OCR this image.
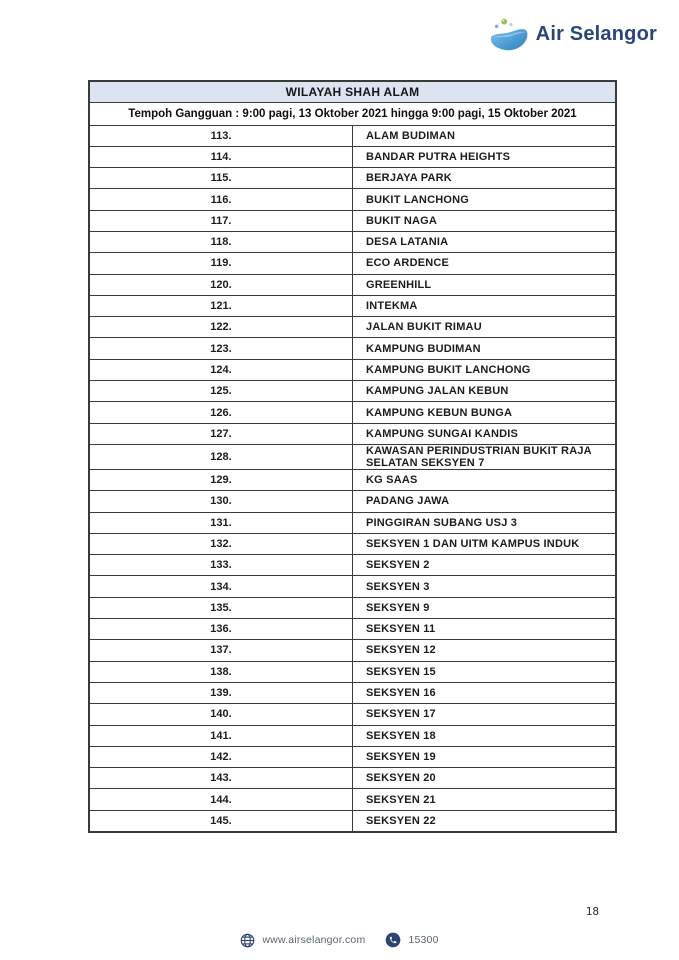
Air Selangor
WILAYAH SHAH ALAM	
Tempoh Gangguan : 9:00 pagi, 13 Oktober 2021 hingga 9:00 pagi, 15 Oktober 2021	
113.	ALAM BUDIMAN
114.	BANDAR PUTRA HEIGHTS
115.	BERJAYA PARK
116.	BUKIT LANCHONG
117.	BUKIT NAGA
118.	DESA LATANIA
119.	ECO ARDENCE
120.	GREENHILL
121.	INTEKMA
122.	JALAN BUKIT RIMAU
123.	KAMPUNG BUDIMAN
124.	KAMPUNG BUKIT LANCHONG
125.	KAMPUNG JALAN KEBUN
126.	KAMPUNG KEBUN BUNGA
127.	KAMPUNG SUNGAI KANDIS
128.	KAWASAN PERINDUSTRIAN BUKIT RAJA SELATAN SEKSYEN 7
129.	KG SAAS
130.	PADANG JAWA
131.	PINGGIRAN SUBANG USJ 3
132.	SEKSYEN 1 DAN UITM KAMPUS INDUK
133.	SEKSYEN 2
134.	SEKSYEN 3
135.	SEKSYEN 9
136.	SEKSYEN 11
137.	SEKSYEN 12
138.	SEKSYEN 15
139.	SEKSYEN 16
140.	SEKSYEN 17
141.	SEKSYEN 18
142.	SEKSYEN 19
143.	SEKSYEN 20
144.	SEKSYEN 21
145.	SEKSYEN 22
18
www.airselangor.com	15300
